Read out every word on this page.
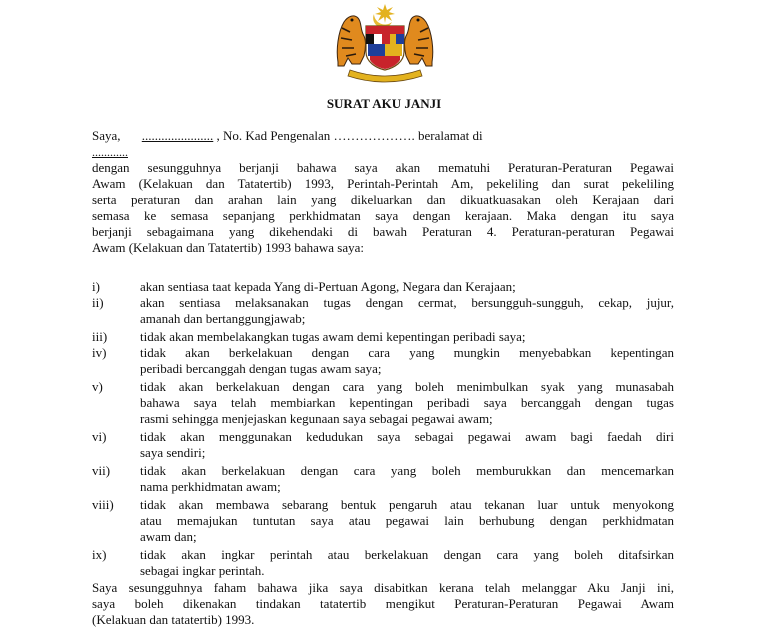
SURAT AKU JANJI
Saya, ...................... , No. Kad Pengenalan ………………. beralamat di
............
dengan sesungguhnya berjanji bahawa saya akan mematuhi Peraturan-Peraturan Pegawai
Awam (Kelakuan dan Tatatertib) 1993, Perintah-Perintah Am, pekeliling dan surat pekeliling
serta peraturan dan arahan lain yang dikeluarkan dan dikuatkuasakan oleh Kerajaan dari
semasa ke semasa sepanjang perkhidmatan saya dengan kerajaan. Maka dengan itu saya
berjanji sebagaimana yang dikehendaki di bawah Peraturan 4. Peraturan-peraturan Pegawai
Awam (Kelakuan dan Tatatertib) 1993 bahawa saya:
i)	akan sentiasa taat kepada Yang di-Pertuan Agong, Negara dan Kerajaan;
ii)	akan sentiasa melaksanakan tugas dengan cermat, bersungguh-sungguh, cekap, jujur,
amanah dan bertanggungjawab;
iii)	tidak akan membelakangkan tugas awam demi kepentingan peribadi saya;
iv)	tidak akan berkelakuan dengan cara yang mungkin menyebabkan kepentingan
peribadi bercanggah dengan tugas awam saya;
v)	tidak akan berkelakuan dengan cara yang boleh menimbulkan syak yang munasabah
bahawa saya telah membiarkan kepentingan peribadi saya bercanggah dengan tugas
rasmi sehingga menjejaskan kegunaan saya sebagai pegawai awam;
vi)	tidak akan menggunakan kedudukan saya sebagai pegawai awam bagi faedah diri
saya sendiri;
vii) tidak akan berkelakuan dengan cara yang boleh memburukkan dan mencemarkan
nama perkhidmatan awam;
viii) tidak akan membawa sebarang bentuk pengaruh atau tekanan luar untuk menyokong
atau memajukan tuntutan saya atau pegawai lain berhubung dengan perkhidmatan
awam dan;
ix)	tidak akan ingkar perintah atau berkelakuan dengan cara yang boleh ditafsirkan
sebagai ingkar perintah.
Saya sesungguhnya faham bahawa jika saya disabitkan kerana telah melanggar Aku Janji ini,
saya boleh dikenakan tindakan tatatertib mengikut Peraturan-Peraturan Pegawai Awam
(Kelakuan dan tatatertib) 1993.
